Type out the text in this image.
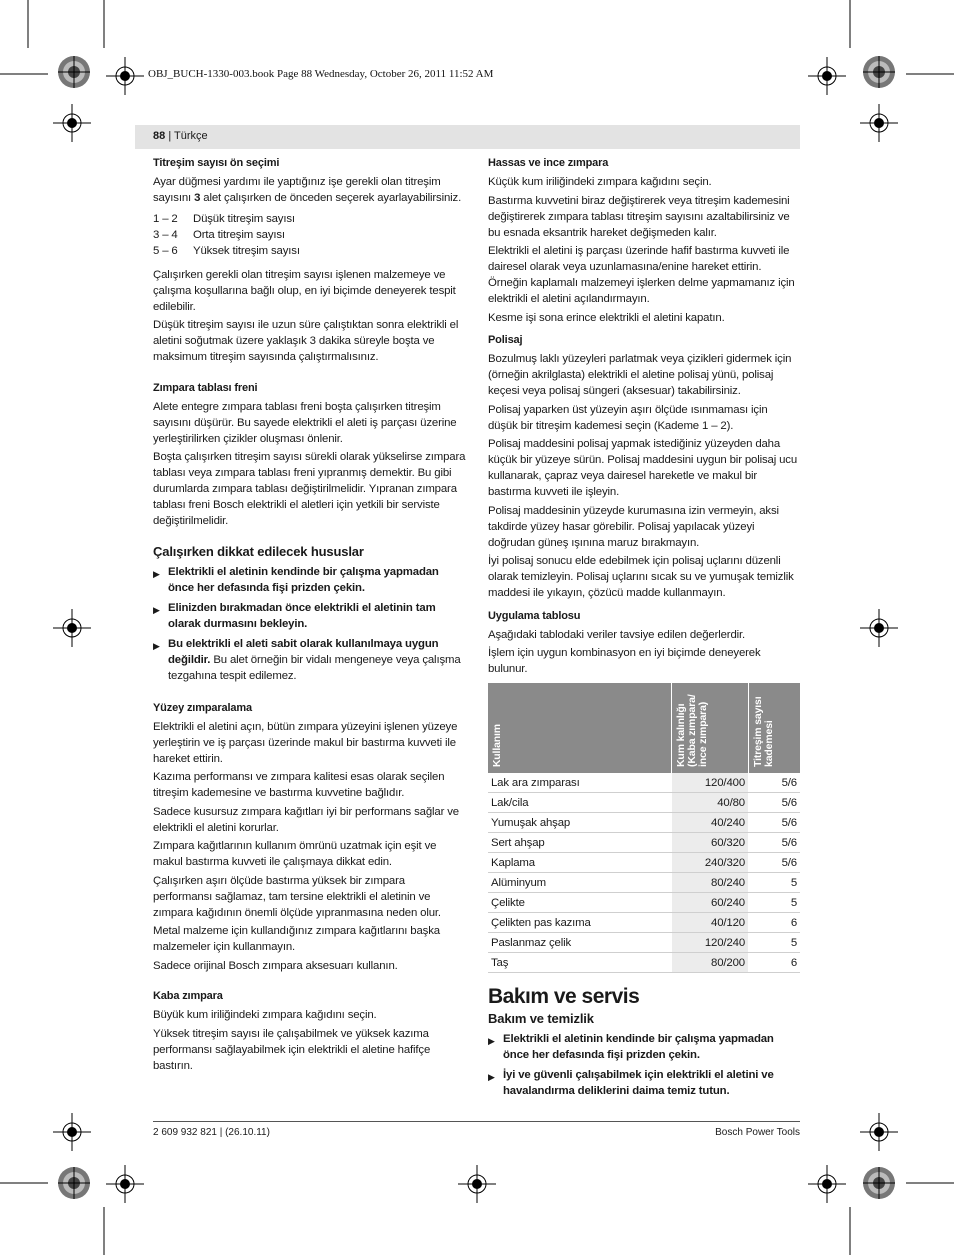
OBJ_BUCH-1330-003.book Page 88 Wednesday, October 26, 2011 11:52 AM
88 | Türkçe
Titreşim sayısı ön seçimi

Ayar düğmesi yardımı ile yaptığınız işe gerekli olan titreşim sayısını 3 alet çalışırken de önceden seçerek ayarlayabilirsiniz.

1 – 2	Düşük titreşim sayısı
3 – 4	Orta titreşim sayısı
5 – 6	Yüksek titreşim sayısı

Çalışırken gerekli olan titreşim sayısı işlenen malzemeye ve çalışma koşullarına bağlı olup, en iyi biçimde deneyerek tespit edilebilir.

Düşük titreşim sayısı ile uzun süre çalıştıktan sonra elektrikli el aletini soğutmak üzere yaklaşık 3 dakika süreyle boşta ve maksimum titreşim sayısında çalıştırmalısınız.

Zımpara tablası freni

Alete entegre zımpara tablası freni boşta çalışırken titreşim sayısını düşürür. Bu sayede elektrikli el aleti iş parçası üzerine yerleştirilirken çizikler oluşması önlenir.

Boşta çalışırken titreşim sayısı sürekli olarak yükselirse zımpara tablası veya zımpara tablası freni yıpranmış demektir. Bu gibi durumlarda zımpara tablası değiştirilmelidir. Yıpranan zımpara tablası freni Bosch elektrikli el aletleri için yetkili bir serviste değiştirilmelidir.

Çalışırken dikkat edilecek hususlar
▶ Elektrikli el aletinin kendinde bir çalışma yapmadan önce her defasında fişi prizden çekin.
▶ Elinizden bırakmadan önce elektrikli el aletinin tam olarak durmasını bekleyin.
▶ Bu elektrikli el aleti sabit olarak kullanılmaya uygun değildir. Bu alet örneğin bir vidalı mengeneye veya çalışma tezgahına tespit edilemez.
Yüzey zımparalama

Elektrikli el aletini açın, bütün zımpara yüzeyini işlenen yüzeye yerleştirin ve iş parçası üzerinde makul bir bastırma kuvveti ile hareket ettirin.

Kazıma performansı ve zımpara kalitesi esas olarak seçilen titreşim kademesine ve bastırma kuvvetine bağlıdır.

Sadece kusursuz zımpara kağıtları iyi bir performans sağlar ve elektrikli el aletini korurlar.

Zımpara kağıtlarının kullanım ömrünü uzatmak için eşit ve makul bastırma kuvveti ile çalışmaya dikkat edin.

Çalışırken aşırı ölçüde bastırma yüksek bir zımpara performansı sağlamaz, tam tersine elektrikli el aletinin ve zımpara kağıdının önemli ölçüde yıpranmasına neden olur.

Metal malzeme için kullandığınız zımpara kağıtlarını başka malzemeler için kullanmayın.

Sadece orijinal Bosch zımpara aksesuarı kullanın.

Kaba zımpara

Büyük kum iriliğindeki zımpara kağıdını seçin.

Yüksek titreşim sayısı ile çalışabilmek ve yüksek kazıma performansı sağlayabilmek için elektrikli el aletine hafifçe bastırın.

Hassas ve ince zımpara

Küçük kum iriliğindeki zımpara kağıdını seçin.

Bastırma kuvvetini biraz değiştirerek veya titreşim kademesini değiştirerek zımpara tablası titreşim sayısını azaltabilirsiniz ve bu esnada eksantrik hareket değişmeden kalır.

Elektrikli el aletini iş parçası üzerinde hafif bastırma kuvveti ile dairesel olarak veya uzunlamasına/enine hareket ettirin. Örneğin kaplamalı malzemeyi işlerken delme yapmamanız için elektrikli el aletini açılandırmayın.

Kesme işi sona erince elektrikli el aletini kapatın.

Polisaj

Bozulmuş laklı yüzeyleri parlatmak veya çizikleri gidermek için (örneğin akrilglasta) elektrikli el aletine polisaj yünü, polisaj keçesi veya polisaj süngeri (aksesuar) takabilirsiniz.

Polisaj yaparken üst yüzeyin aşırı ölçüde ısınmaması için düşük bir titreşim kademesi seçin (Kademe 1 – 2).

Polisaj maddesini polisaj yapmak istediğiniz yüzeyden daha küçük bir yüzeye sürün. Polisaj maddesini uygun bir polisaj ucu kullanarak, çapraz veya dairesel hareketle ve makul bir bastırma kuvveti ile işleyin.

Polisaj maddesinin yüzeyde kurumasına izin vermeyin, aksi takdirde yüzey hasar görebilir. Polisaj yapılacak yüzeyi doğrudan güneş ışınına maruz bırakmayın.

İyi polisaj sonucu elde edebilmek için polisaj uçlarını düzenli olarak temizleyin. Polisaj uçlarını sıcak su ve yumuşak temizlik maddesi ile yıkayın, çözücü madde kullanmayın.

Uygulama tablosu

Aşağıdaki tablodaki veriler tavsiye edilen değerlerdir.

İşlem için uygun kombinasyon en iyi biçimde deneyerek bulunur.

Kullanım	Kum kalınlığı (Kaba zımpara/ ince zımpara)	Titreşim sayısı kademesi

Lak ara zımparası	120/400	5/6
Lak/cila	40/80	5/6
Yumuşak ahşap	40/240	5/6
Sert ahşap	60/320	5/6
Kaplama	240/320	5/6
Alüminyum	80/240	5
Çelikte	60/240	5
Çelikten pas kazıma	40/120	6
Paslanmaz çelik	120/240	5
Taş	80/200	6
Bakım ve servis
Bakım ve temizlik
▶ Elektrikli el aletinin kendinde bir çalışma yapmadan önce her defasında fişi prizden çekin.
▶ İyi ve güvenli çalışabilmek için elektrikli el aletini ve havalandırma deliklerini daima temiz tutun.
2 609 932 821 | (26.10.11)	Bosch Power Tools
